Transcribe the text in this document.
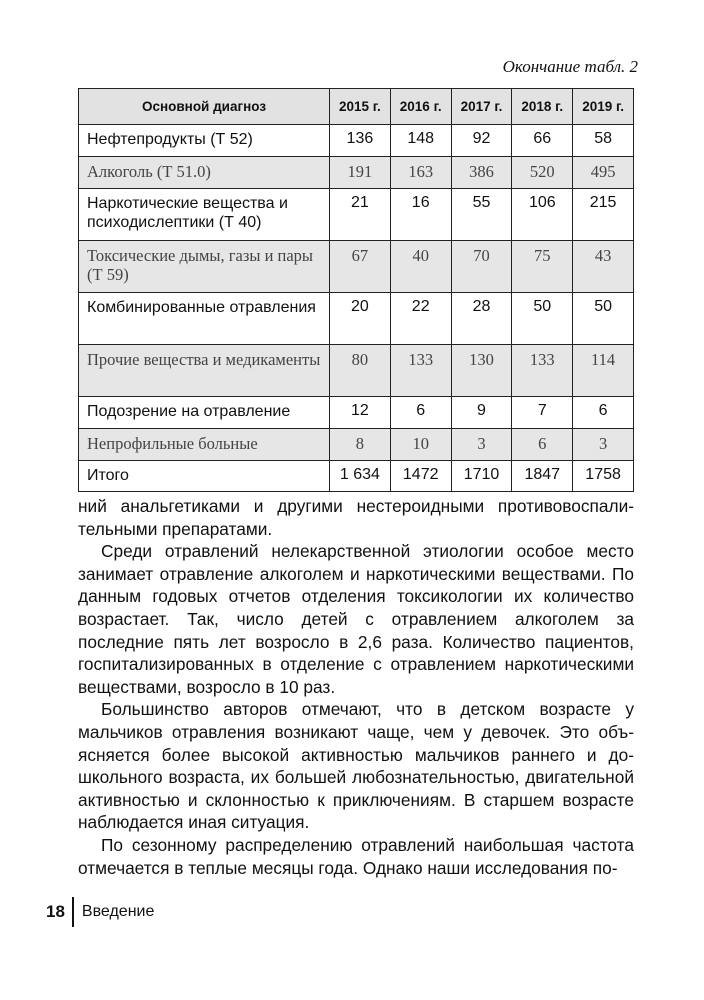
Окончание табл. 2
Основной диагноз	2015 г.	2016 г.	2017 г.	2018 г.	2019 г.
Нефтепродукты (Т 52)	136	148	92	66	58
Алкоголь (Т 51.0)	191	163	386	520	495
Наркотические вещества и психодислептики (Т 40)	21	16	55	106	215
Токсические дымы, газы и пары (Т 59)	67	40	70	75	43
Комбинированные отравления	20	22	28	50	50
Прочие вещества и медикаменты	80	133	130	133	114
Подозрение на отравление	12	6	9	7	6
Непрофильные больные	8	10	3	6	3
Итого	1 634	1472	1710	1847	1758

ний анальгетиками и другими нестероидными противовоспалительными препаратами.

Среди отравлений нелекарственной этиологии особое место занимает отравление алкоголем и наркотическими веществами. По данным годовых отчетов отделения токсикологии их количество возрастает. Так, число детей с отравлением алкоголем за последние пять лет возросло в 2,6 раза. Количество пациентов, госпитализированных в отделение с отравлением наркотическими веществами, возросло в 10 раз.

Большинство авторов отмечают, что в детском возрасте у мальчиков отравления возникают чаще, чем у девочек. Это объясняется более высокой активностью мальчиков раннего и дошкольного возраста, их большей любознательностью, двигательной активностью и склонностью к приключениям. В старшем возрасте наблюдается иная ситуация.

По сезонному распределению отравлений наибольшая частота отмечается в теплые месяцы года. Однако наши исследования по-

18 Введение
